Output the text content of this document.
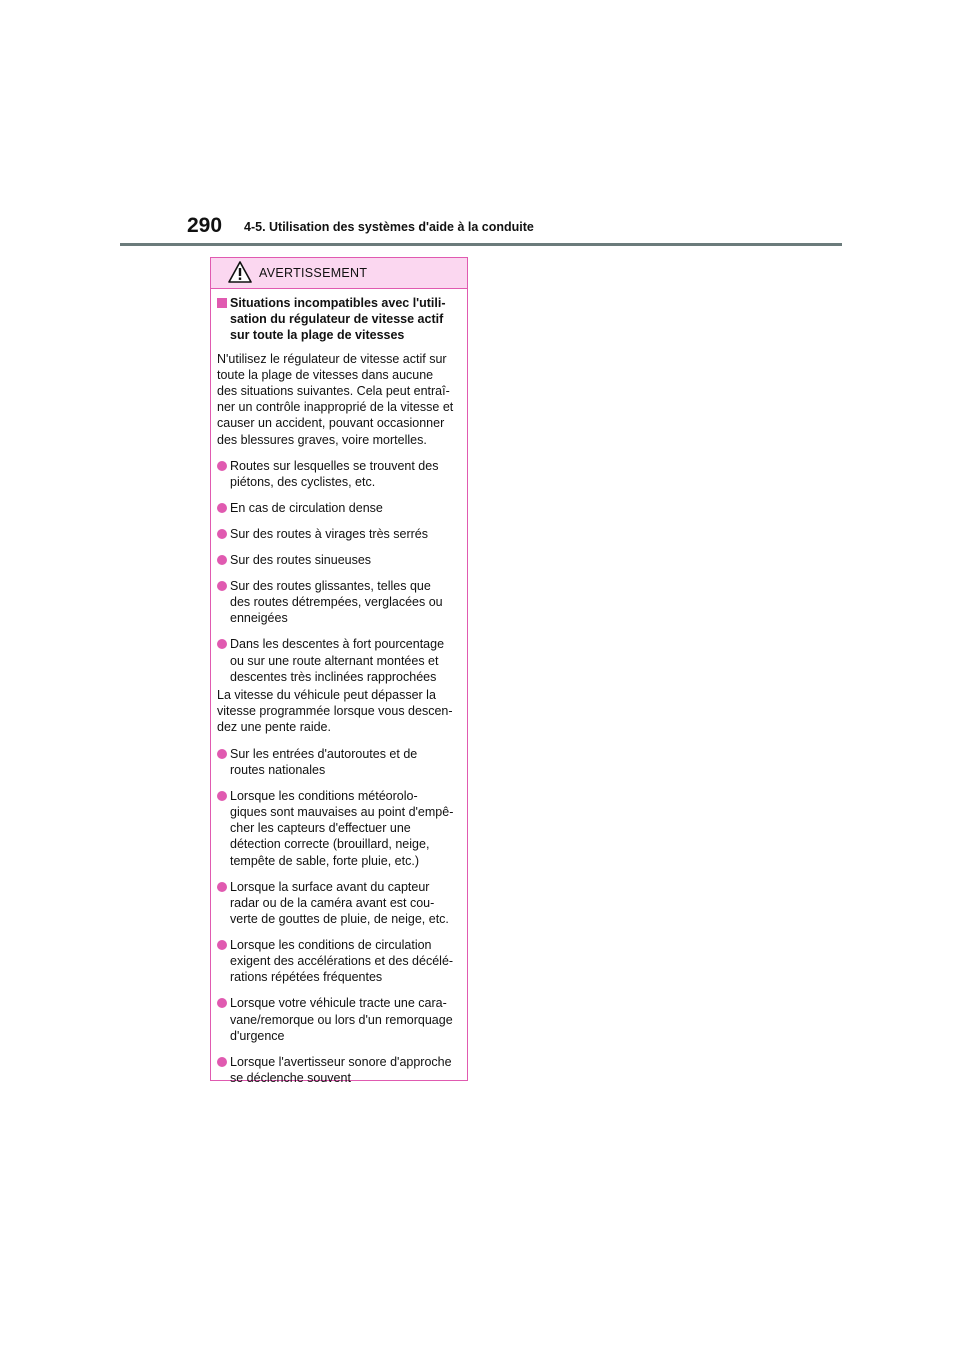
290 4-5. Utilisation des systèmes d'aide à la conduite
AVERTISSEMENT
Situations incompatibles avec l'utili-
sation du régulateur de vitesse actif
sur toute la plage de vitesses
N'utilisez le régulateur de vitesse actif sur
toute la plage de vitesses dans aucune
des situations suivantes. Cela peut entraî-
ner un contrôle inapproprié de la vitesse et
causer un accident, pouvant occasionner
des blessures graves, voire mortelles.
Routes sur lesquelles se trouvent des
piétons, des cyclistes, etc.
En cas de circulation dense
Sur des routes à virages très serrés
Sur des routes sinueuses
Sur des routes glissantes, telles que
des routes détrempées, verglacées ou
enneigées
Dans les descentes à fort pourcentage
ou sur une route alternant montées et
descentes très inclinées rapprochées
La vitesse du véhicule peut dépasser la
vitesse programmée lorsque vous descen-
dez une pente raide.
Sur les entrées d'autoroutes et de
routes nationales
Lorsque les conditions météorolo-
giques sont mauvaises au point d'empê-
cher les capteurs d'effectuer une
détection correcte (brouillard, neige,
tempête de sable, forte pluie, etc.)
Lorsque la surface avant du capteur
radar ou de la caméra avant est cou-
verte de gouttes de pluie, de neige, etc.
Lorsque les conditions de circulation
exigent des accélérations et des décélé-
rations répétées fréquentes
Lorsque votre véhicule tracte une cara-
vane/remorque ou lors d'un remorquage
d'urgence
Lorsque l'avertisseur sonore d'approche
se déclenche souvent
